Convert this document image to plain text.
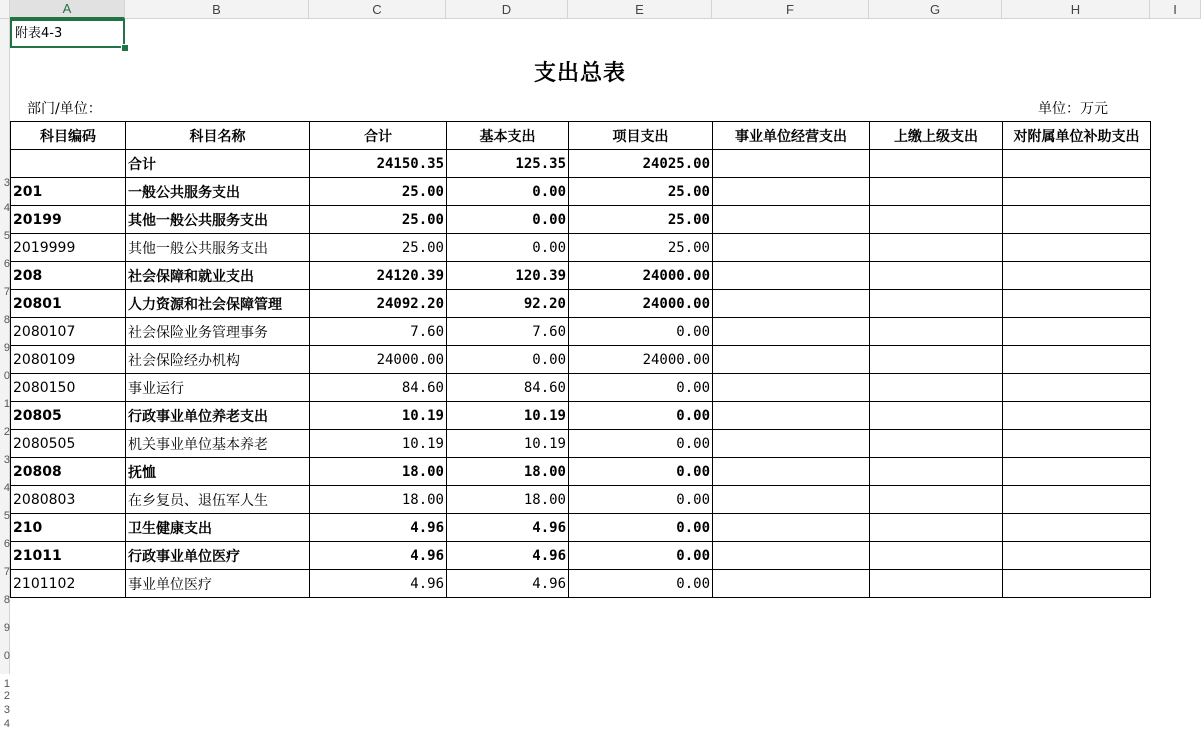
A	B	C	D	E	F	G	H	I
3
4
5
6
7
8
9
0
1
2
3
4
5
6
7
8
9
0
1
2
3
4
附表4-3
支出总表
部门/单位：	单位：万元
科目编码	科目名称	合计	基本支出	项目支出	事业单位经营支出	上缴上级支出	对附属单位补助支出
	合计	24150.35	125.35	24025.00			
201	一般公共服务支出	25.00	0.00	25.00			
20199	其他一般公共服务支出	25.00	0.00	25.00			
2019999	其他一般公共服务支出	25.00	0.00	25.00			
208	社会保障和就业支出	24120.39	120.39	24000.00			
20801	人力资源和社会保障管理	24092.20	92.20	24000.00			
2080107	社会保险业务管理事务	7.60	7.60	0.00			
2080109	社会保险经办机构	24000.00	0.00	24000.00			
2080150	事业运行	84.60	84.60	0.00			
20805	行政事业单位养老支出	10.19	10.19	0.00			
2080505	机关事业单位基本养老	10.19	10.19	0.00			
20808	抚恤	18.00	18.00	0.00			
2080803	在乡复员、退伍军人生	18.00	18.00	0.00			
210	卫生健康支出	4.96	4.96	0.00			
21011	行政事业单位医疗	4.96	4.96	0.00			
2101102	事业单位医疗	4.96	4.96	0.00			
